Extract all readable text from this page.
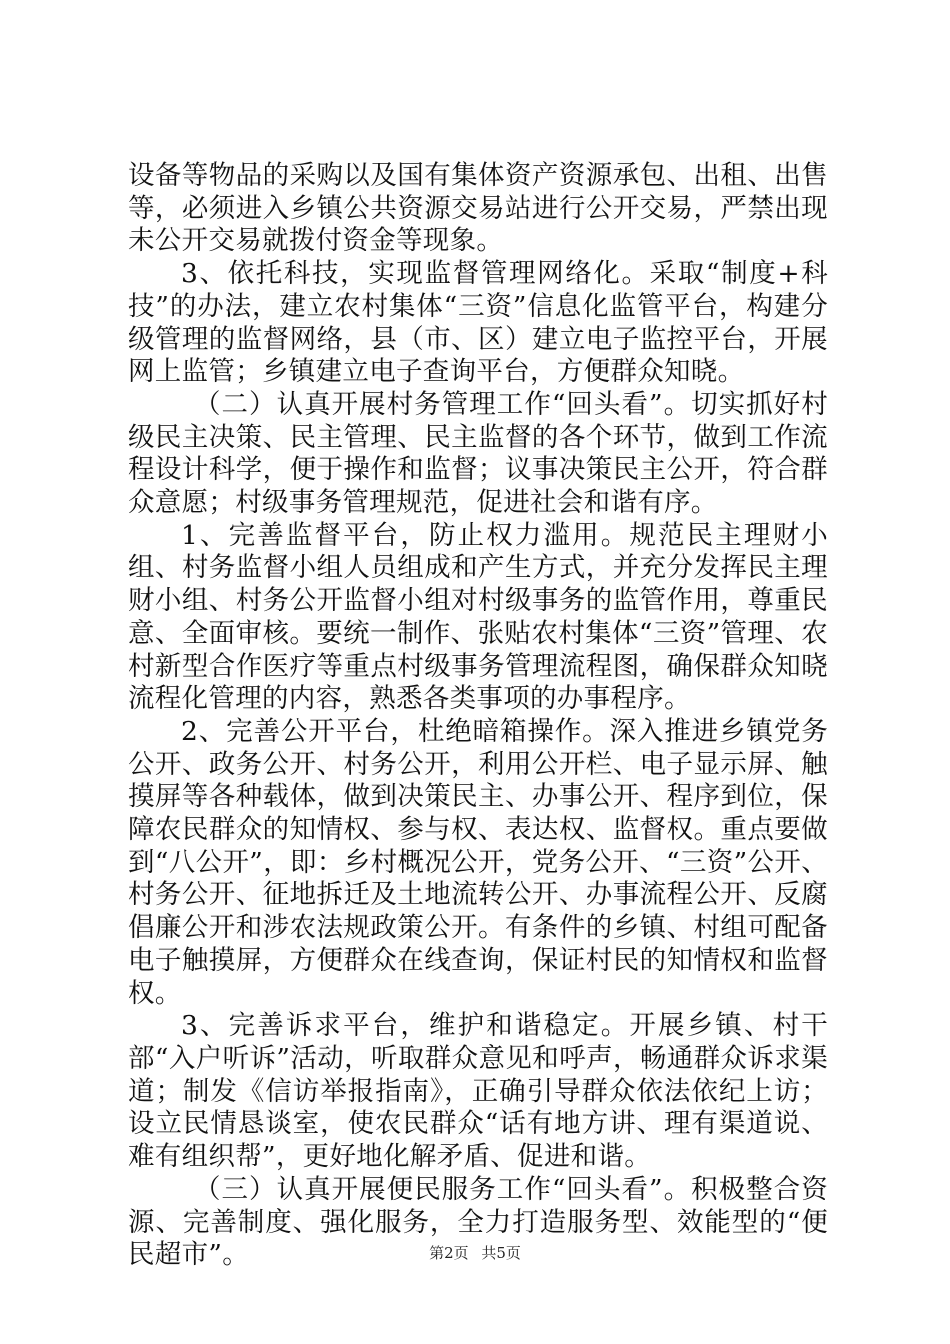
设备等物品的采购以及国有集体资产资源承包、出租、出售等，必须进入乡镇公共资源交易站进行公开交易，严禁出现未公开交易就拨付资金等现象。

3、依托科技，实现监督管理网络化。采取“制度+科技”的办法，建立农村集体“三资”信息化监管平台，构建分级管理的监督网络，县（市、区）建立电子监控平台，开展网上监管；乡镇建立电子查询平台，方便群众知晓。

（二）认真开展村务管理工作“回头看”。切实抓好村级民主决策、民主管理、民主监督的各个环节，做到工作流程设计科学，便于操作和监督；议事决策民主公开，符合群众意愿；村级事务管理规范，促进社会和谐有序。

1、完善监督平台，防止权力滥用。规范民主理财小组、村务监督小组人员组成和产生方式，并充分发挥民主理财小组、村务公开监督小组对村级事务的监管作用，尊重民意、全面审核。要统一制作、张贴农村集体“三资”管理、农村新型合作医疗等重点村级事务管理流程图，确保群众知晓流程化管理的内容，熟悉各类事项的办事程序。

2、完善公开平台，杜绝暗箱操作。深入推进乡镇党务公开、政务公开、村务公开，利用公开栏、电子显示屏、触摸屏等各种载体，做到决策民主、办事公开、程序到位，保障农民群众的知情权、参与权、表达权、监督权。重点要做到“八公开”，即：乡村概况公开，党务公开、“三资”公开、村务公开、征地拆迁及土地流转公开、办事流程公开、反腐倡廉公开和涉农法规政策公开。有条件的乡镇、村组可配备电子触摸屏，方便群众在线查询，保证村民的知情权和监督权。

3、完善诉求平台，维护和谐稳定。开展乡镇、村干部“入户听诉”活动，听取群众意见和呼声，畅通群众诉求渠道；制发《信访举报指南》，正确引导群众依法依纪上访；设立民情恳谈室，使农民群众“话有地方讲、理有渠道说、难有组织帮”，更好地化解矛盾、促进和谐。

（三）认真开展便民服务工作“回头看”。积极整合资源、完善制度、强化服务，全力打造服务型、效能型的“便民超市”。	第2页 共5页
